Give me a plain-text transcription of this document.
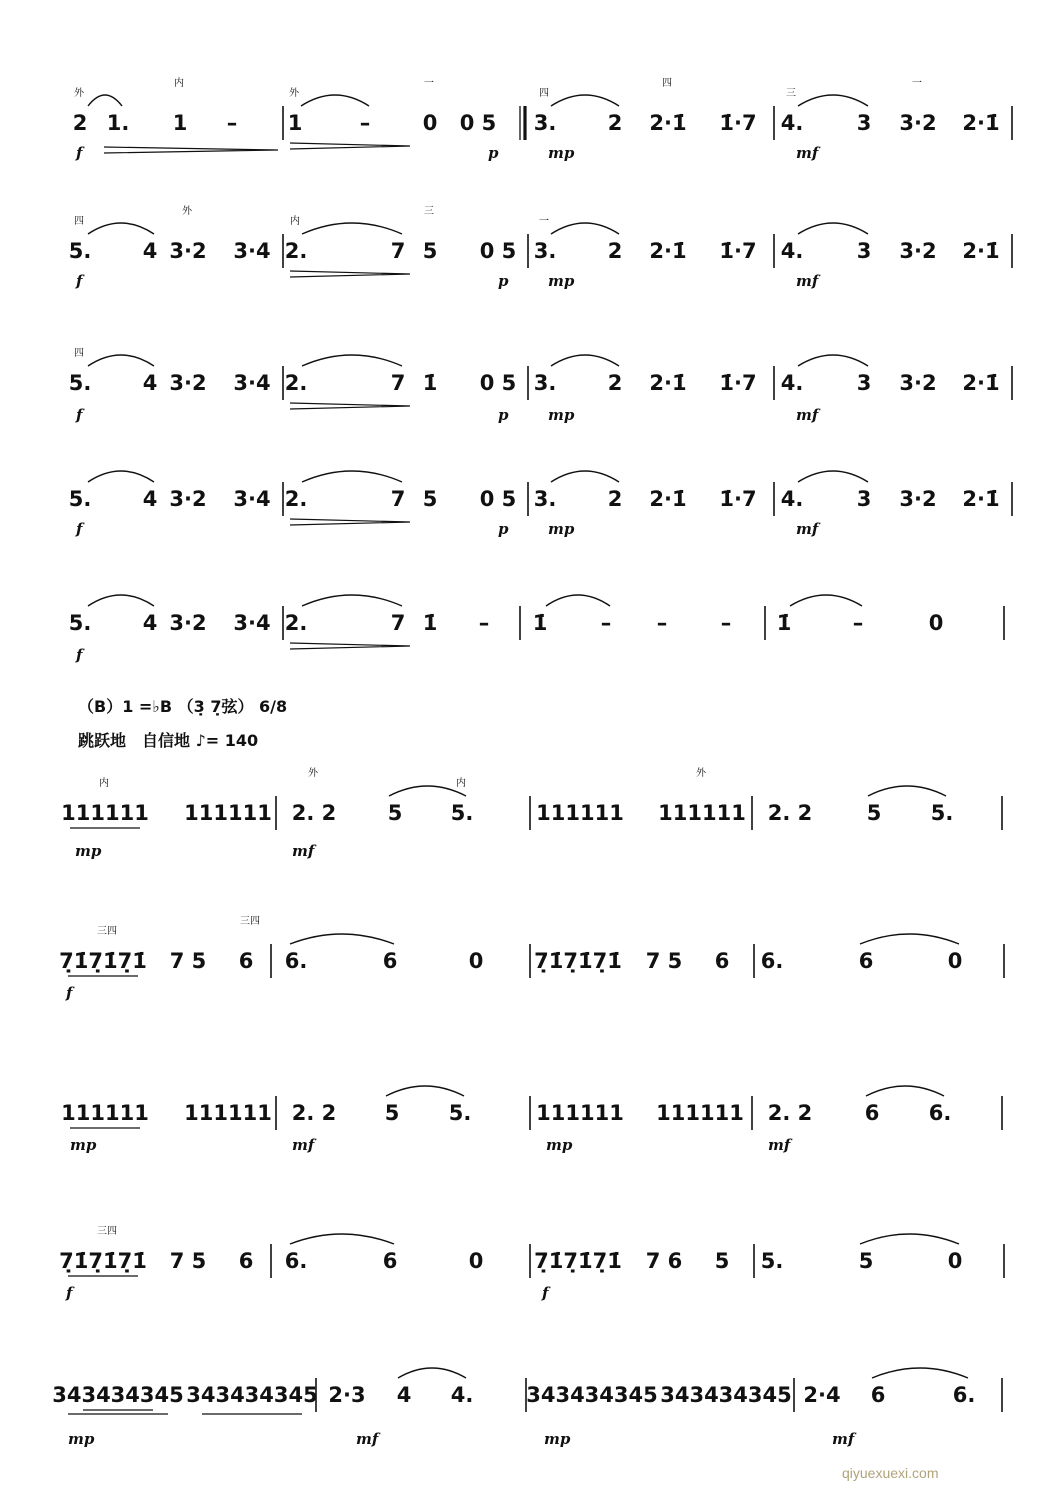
2 1. 1 – 1	– 0 0 5 3. 2 2·1̇ 1̇·7 4.	3 3·2 2·1̇
f	p	mp	mf
外
内
外
一
四
四
三
一
5. 4 3·2 3·4 2.	7 5 0 5 3. 2 2·1̇ 1̇·7 4.	3 3·2 2·1̇
f	p	mp	mf
四
外
内
三
一
5. 4 3·2 3·4 2.	7 1̇ 0 5 3. 2 2·1̇ 1̇·7 4.	3 3·2 2·1̇
f	p	mp	mf
四
5. 4 3·2 3·4 2.	7 5 0 5 3. 2 2·1̇ 1̇·7 4.	3 3·2 2·1̇
f	p	mp	mf
5. 4 3·2 3·4 2.	7 1̇ – 1̇	– –	– 1̇	–	0
f
111111 111111 2. 2 5 5.	111111 111111 2. 2	5 5.
mp	mf
内
外
内
外
7̣1̇7̣1̇7̣1̇ 7 5 6 6.	6	0 7̣1̇7̣1̇7̣1̇ 7 5 6 6.	6	0
f
三四
三四
111111 111111 2. 2 5 5.	111111 111111 2. 2 6 6.
mp	mf	mp	mf
7̣1̇7̣1̇7̣1̇ 7 5 6 6.	6	0 7̣1̇7̣1̇7̣1̇ 7 6 5 5.	5	0
f	f
三四
343434345 343434345 2·3 4 4.	343434345 343434345 2·4 6	6.
mp	mf	mp	mf
（B）1 =♭B （3̣ 7̣弦） 6/8
跳跃地　自信地 ♪= 140
qiyuexuexi.com
